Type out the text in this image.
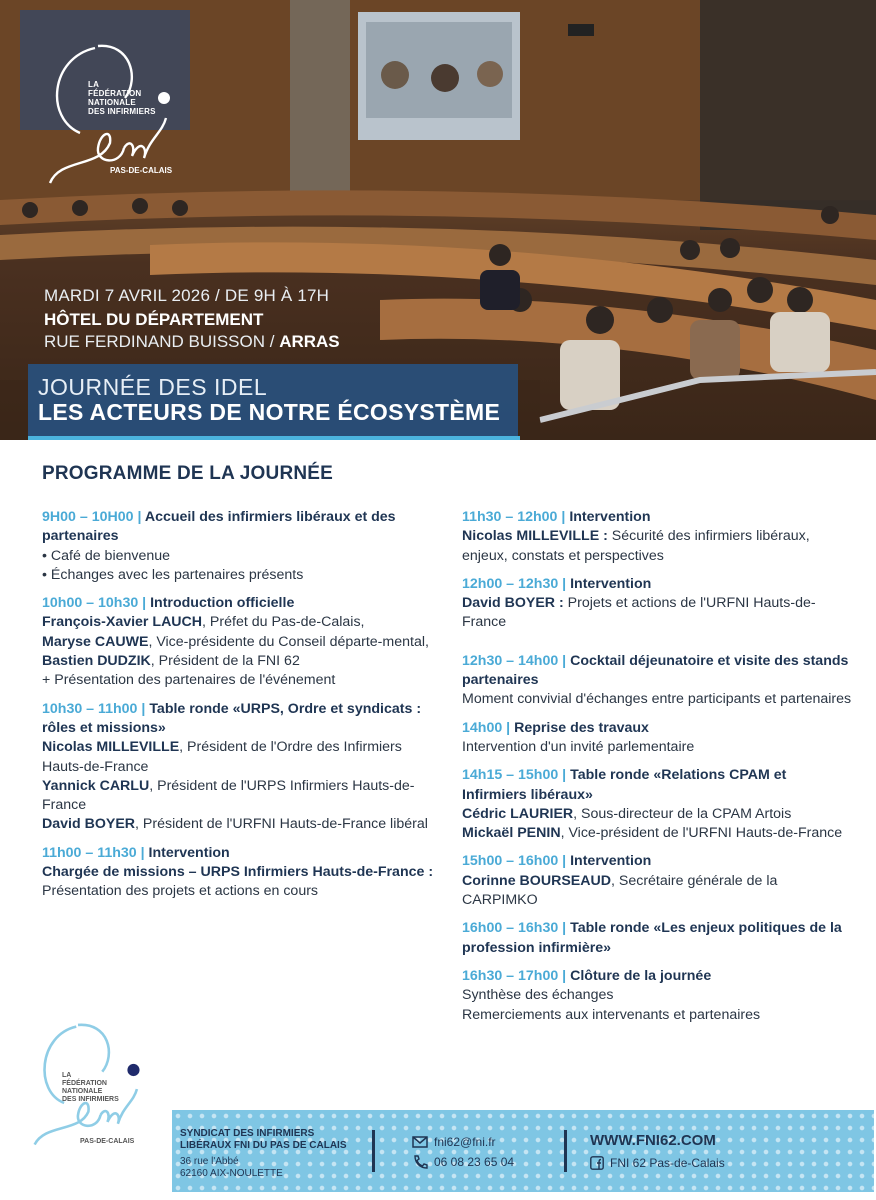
LA
FÉDÉRATION
NATIONALE
DES INFIRMIERS
PAS-DE-CALAIS
MARDI 7 AVRIL 2026 / DE 9H À 17H
HÔTEL DU DÉPARTEMENT
RUE FERDINAND BUISSON / ARRAS
JOURNÉE DES IDEL
LES ACTEURS DE NOTRE ÉCOSYSTÈME
PROGRAMME DE LA JOURNÉE
9H00 – 10H00 | Accueil des infirmiers libéraux et des partenaires
• Café de bienvenue
• Échanges avec les partenaires présents
10h00 – 10h30 | Introduction officielle
François-Xavier LAUCH, Préfet du Pas-de-Calais,
Maryse CAUWE, Vice-présidente du Conseil départe-mental,
Bastien DUDZIK, Président de la FNI 62
+ Présentation des partenaires de l'événement
10h30 – 11h00 | Table ronde «URPS, Ordre et syndicats : rôles et missions»
Nicolas MILLEVILLE, Président de l'Ordre des Infirmiers Hauts-de-France
Yannick CARLU, Président de l'URPS Infirmiers Hauts-de-France
David BOYER, Président de l'URFNI Hauts-de-France libéral
11h00 – 11h30 | Intervention
Chargée de missions – URPS Infirmiers Hauts-de-France : Présentation des projets et actions en cours
11h30 – 12h00 | Intervention
Nicolas MILLEVILLE : Sécurité des infirmiers libéraux, enjeux, constats et perspectives
12h00 – 12h30 | Intervention
David BOYER : Projets et actions de l'URFNI Hauts-de-France
12h30 – 14h00 | Cocktail déjeunatoire et visite des stands partenaires
Moment convivial d'échanges entre participants et partenaires
14h00 | Reprise des travaux
Intervention d'un invité parlementaire
14h15 – 15h00 | Table ronde «Relations CPAM et Infirmiers libéraux»
Cédric LAURIER, Sous-directeur de la CPAM Artois
Mickaël PENIN, Vice-président de l'URFNI Hauts-de-France
15h00 – 16h00 | Intervention
Corinne BOURSEAUD, Secrétaire générale de la CARPIMKO
16h00 – 16h30 | Table ronde «Les enjeux politiques de la profession infirmière»
16h30 – 17h00 | Clôture de la journée
Synthèse des échanges
Remerciements aux intervenants et partenaires
LA
FÉDÉRATION
NATIONALE
DES INFIRMIERS
PAS-DE-CALAIS
SYNDICAT DES INFIRMIERS
LIBÉRAUX FNI DU PAS DE CALAIS
36 rue l'Abbé
62160 AIX-NOULETTE
fni62@fni.fr
06 08 23 65 04
WWW.FNI62.COM
FNI 62 Pas-de-Calais
